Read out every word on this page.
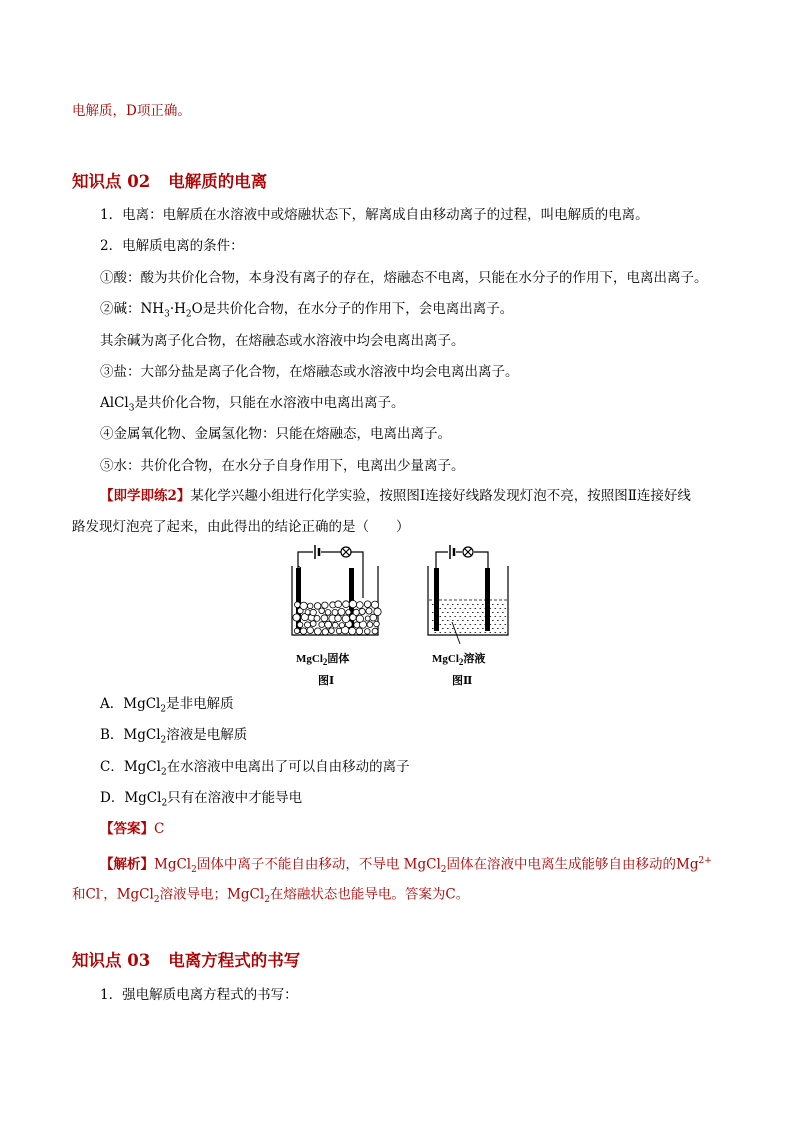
电解质，D项正确。
知识点 02 电解质的电离
1．电离：电解质在水溶液中或熔融状态下，解离成自由移动离子的过程，叫电解质的电离。
2．电解质电离的条件：
①酸：酸为共价化合物，本身没有离子的存在，熔融态不电离，只能在水分子的作用下，电离出离子。
②碱：$NH_3\cdot H_2O$是共价化合物，在水分子的作用下，会电离出离子。
其余碱为离子化合物，在熔融态或水溶液中均会电离出离子。
③盐：大部分盐是离子化合物，在熔融态或水溶液中均会电离出离子。
AlCl$_3$是共价化合物，只能在水溶液中电离出离子。
④金属氧化物、金属氢化物：只能在熔融态，电离出离子。
⑤水：共价化合物，在水分子自身作用下，电离出少量离子。
【即学即练2】某化学兴趣小组进行化学实验，按照图Ⅰ连接好线路发现灯泡不亮，按照图Ⅱ连接好线
路发现灯泡亮了起来，由此得出的结论正确的是（　　）
MgCl$_2$固体
图Ⅰ
MgCl$_2$溶液
图Ⅱ
A．MgCl$_2$是非电解质
B．MgCl$_2$溶液是电解质
C．MgCl$_2$在水溶液中电离出了可以自由移动的离子
D．MgCl$_2$只有在溶液中才能导电
【答案】C
【解析】MgCl$_2$固体中离子不能自由移动，不导电 MgCl$_2$固体在溶液中电离生成能够自由移动的$Mg^{2+}$
和Cl-，MgCl$_2$溶液导电；MgCl$_2$在熔融状态也能导电。答案为C。
知识点 03 电离方程式的书写
1．强电解质电离方程式的书写：
